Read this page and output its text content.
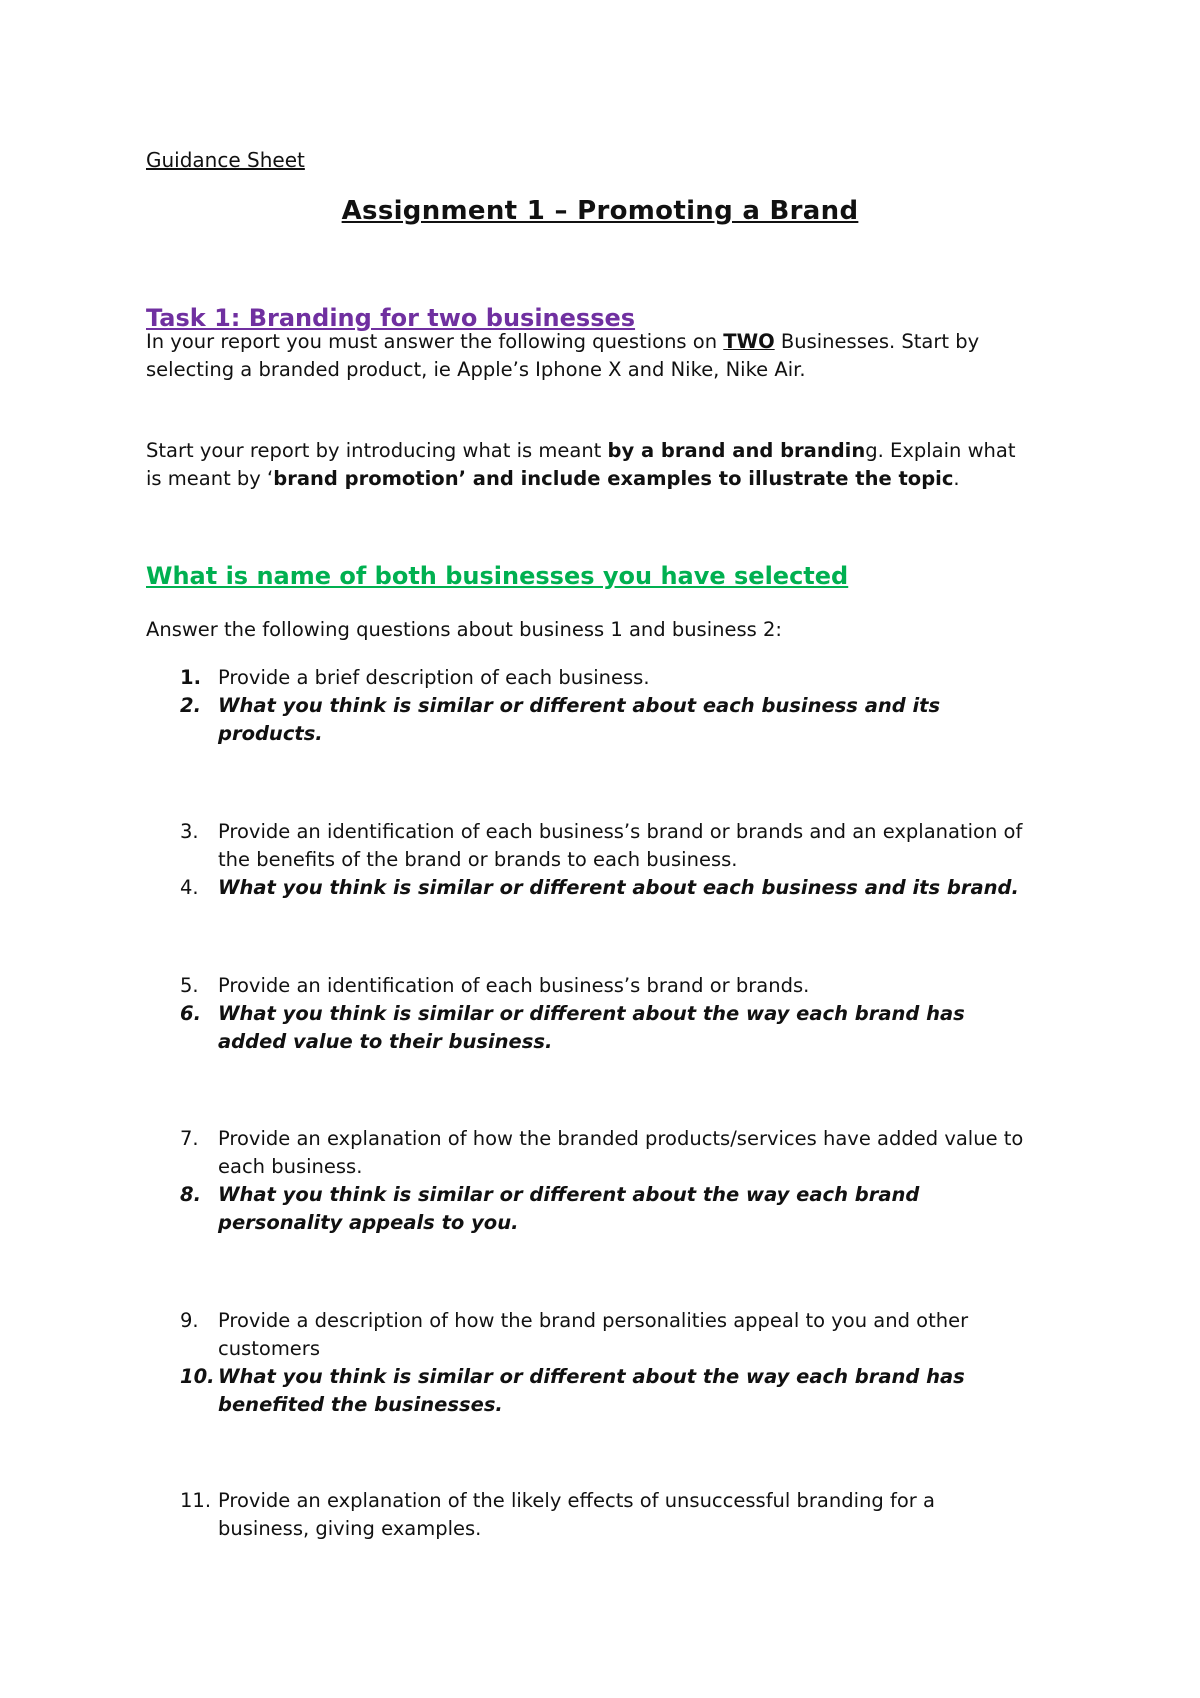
Guidance Sheet
Assignment 1 – Promoting a Brand
Task 1: Branding for two businesses
In your report you must answer the following questions on TWO Businesses. Start by
selecting a branded product, ie Apple’s Iphone X and Nike, Nike Air.
Start your report by introducing what is meant by a brand and branding. Explain what
is meant by ‘brand promotion’ and include examples to illustrate the topic.
What is name of both businesses you have selected
Answer the following questions about business 1 and business 2:
1. Provide a brief description of each business.
2. What you think is similar or different about each business and its
products.
3. Provide an identification of each business’s brand or brands and an explanation of
the benefits of the brand or brands to each business.
4. What you think is similar or different about each business and its brand.
5. Provide an identification of each business’s brand or brands.
6. What you think is similar or different about the way each brand has
added value to their business.
7. Provide an explanation of how the branded products/services have added value to
each business.
8. What you think is similar or different about the way each brand
personality appeals to you.
9. Provide a description of how the brand personalities appeal to you and other
customers
10. What you think is similar or different about the way each brand has
benefited the businesses.
11. Provide an explanation of the likely effects of unsuccessful branding for a
business, giving examples.
